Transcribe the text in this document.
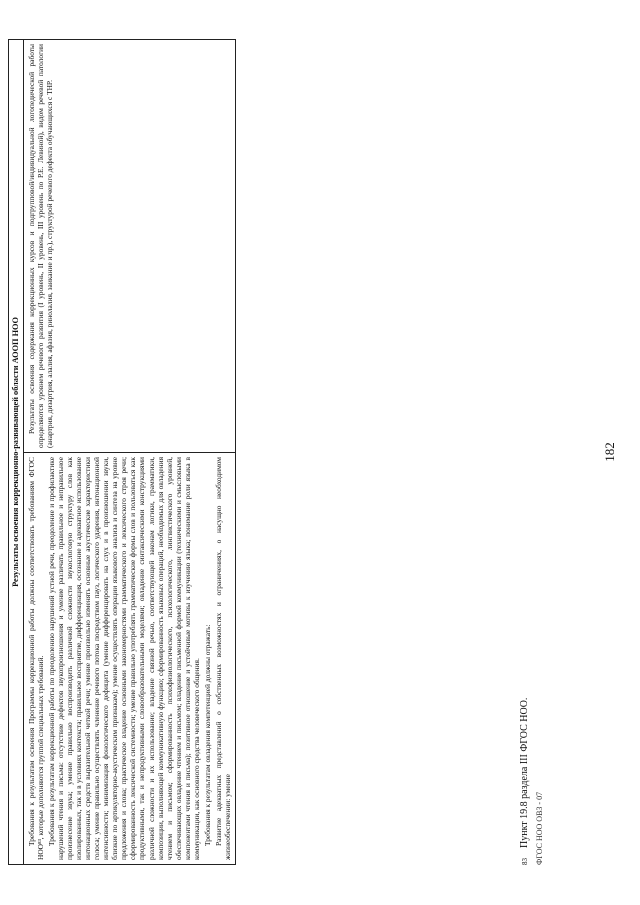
182
Результаты освоения коррекционно-развивающей области АООП НОО

Требования к результатам освоения Программы коррекционной работы должны соответствовать требованиям ФГОС НОО⁸³, которые дополняются группой специальных требований. Требования к результатам коррекционной работы по преодолению нарушений устной речи, преодоление и профилактике нарушений чтения и письма: отсутствие дефектов звукопроизношения и умение различать правильное и неправильное произнесение звука; умение правильно воспроизводить различной сложности звукослоговую структуру слов как изолированных, так и в условиях контекста; правильное восприятие, дифференциация, осознание и адекватное использование интонационных средств выразительной четкой речи; умение произвольно изменять основные акустические характеристики голоса; умение правильно осуществлять членение речевого потока посредством пауз, логического ударения, интонационной интенсивности; минимизация фонологического дефицита (умение дифференцировать на слух и в произношении звуки, близкие по артикуляторно-акустическим признакам); умение осуществлять операции языкового анализа и синтеза на уровне предложения и слова; практическое владение основными закономерностями грамматического и лексического строя речи; сформированность лексической системности; умение правильно употреблять грамматические формы слов и пользоваться как продуктивными, так и непродуктивными словообразовательными моделями; овладение синтаксическими конструкциями различной сложности и их использование; владение связной речью, соответствующей законам логики, грамматики, композиции, выполняющей коммуникативную функцию; сформированность языковых операций, необходимых для овладения чтением и письмом; сформированность психофизиологического, психологического, лингвистического уровней, обеспечивающих овладение чтением и письмом; владение письменной формой коммуникации (техническими и смысловыми компонентами чтения и письма); позитивное отношение и устойчивые мотивы к изучению языка; понимание роли языка в коммуникации, как основного средства человеческого общения. Требования к результатам овладения компетенцией должны отражать: Развитие адекватных представлений о собственных возможностях и ограничениях, о насущно необходимом жизнеобеспечении: умение

Результаты освоения содержания коррекционных курсов и подгрупповой/индивидуальной логопедической работы определяются уровнем речевого развития (I уровень, II уровень, III уровень по Р.Е. Левиной), видом речевой патологии (анартрия, дизартрия, алалия, афазия, ринолалия, заикание и пр.), структурой речевого дефекта обучающихся с ТНР.

83
Пункт 19.8 раздела III ФГОС НОО. ФГОС НОО ОВЗ - 07
